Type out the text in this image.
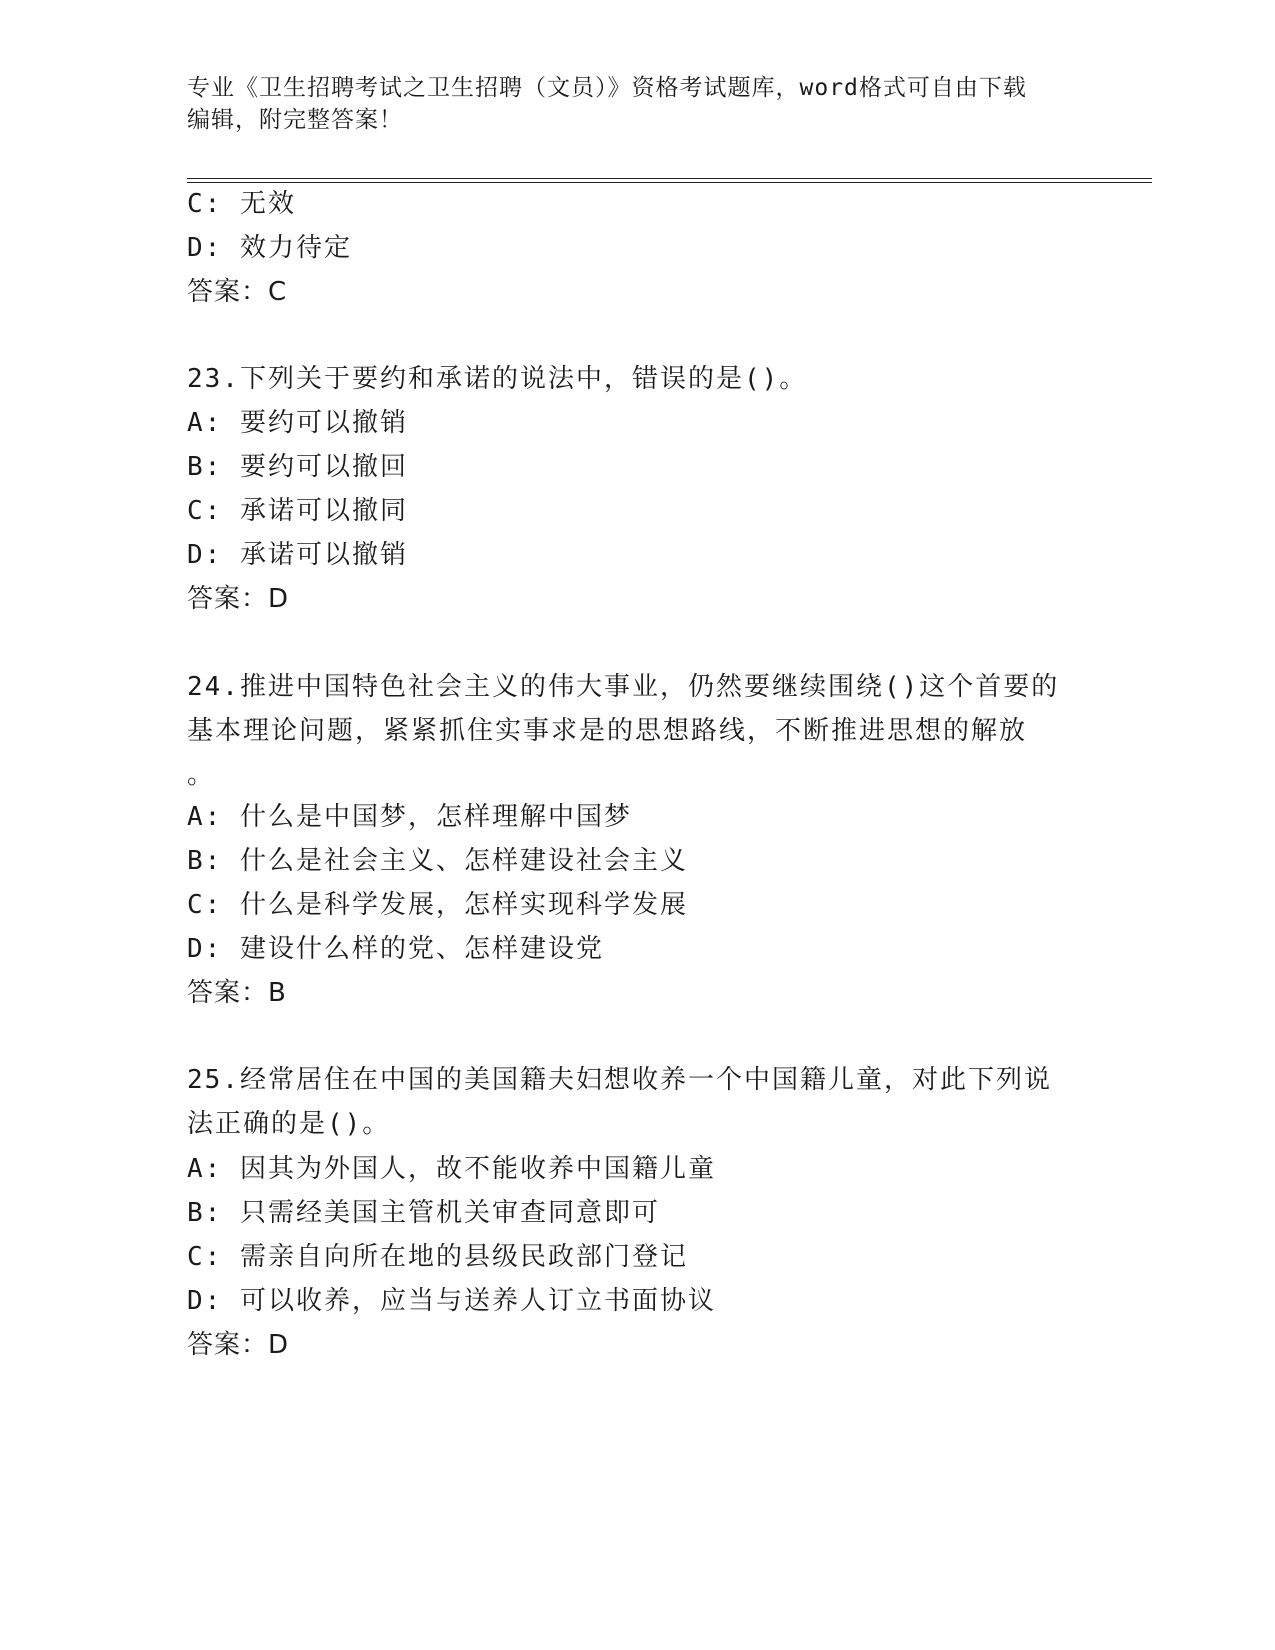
专业《卫生招聘考试之卫生招聘（文员）》资格考试题库，word格式可自由下载
编辑，附完整答案！
C: 无效
D: 效力待定
答案：C
23.下列关于要约和承诺的说法中，错误的是()。
A: 要约可以撤销
B: 要约可以撤回
C: 承诺可以撤同
D: 承诺可以撤销
答案：D
24.推进中国特色社会主义的伟大事业，仍然要继续围绕()这个首要的
基本理论问题，紧紧抓住实事求是的思想路线，不断推进思想的解放
。
A: 什么是中国梦，怎样理解中国梦
B: 什么是社会主义、怎样建设社会主义
C: 什么是科学发展，怎样实现科学发展
D: 建设什么样的党、怎样建设党
答案：B
25.经常居住在中国的美国籍夫妇想收养一个中国籍儿童，对此下列说
法正确的是()。
A: 因其为外国人，故不能收养中国籍儿童
B: 只需经美国主管机关审查同意即可
C: 需亲自向所在地的县级民政部门登记
D: 可以收养，应当与送养人订立书面协议
答案：D
